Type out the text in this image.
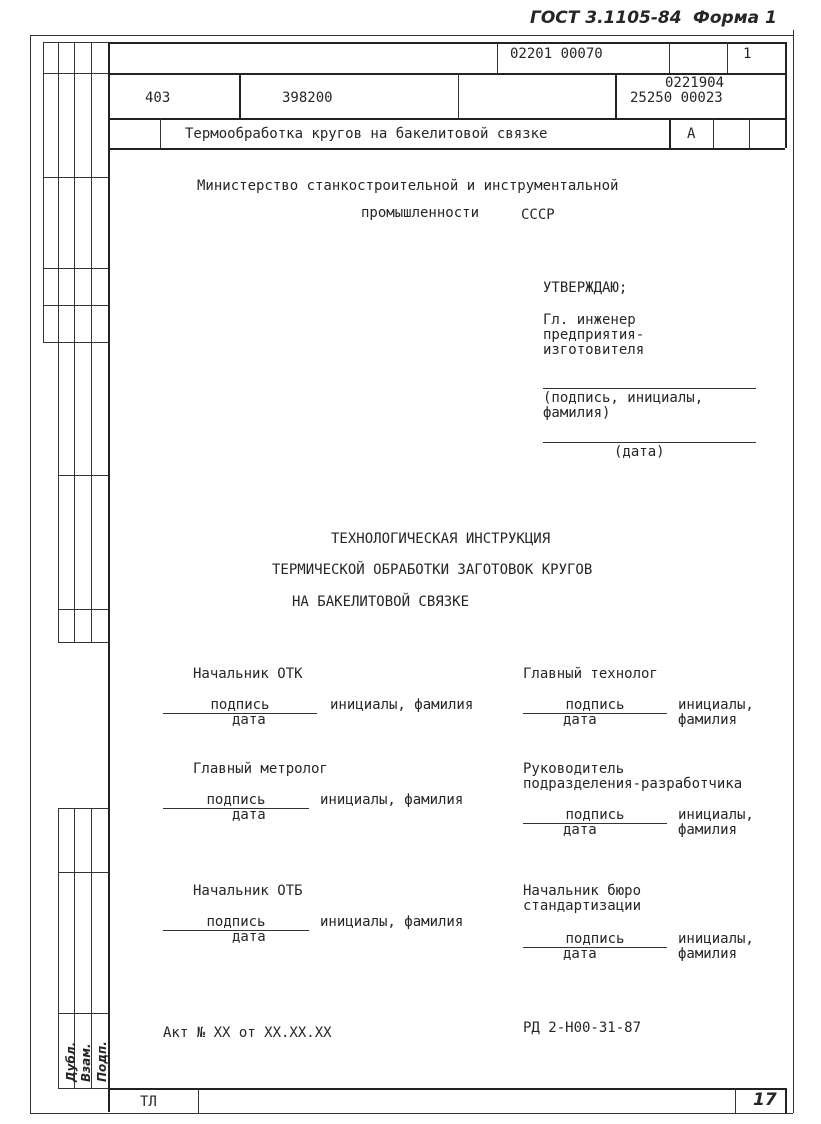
ГОСТ 3.1105-84 Форма 1
Дубл. Взам. Подп.
02201 00070	1
403	398200
0221904
25250 00023
Термообработка кругов на бакелитовой связке	А
Министерство станкостроительной и инструментальной
промышленности	СССР
УТВЕРЖДАЮ;
Гл. инженер
предприятия-
изготовителя
(подпись, инициалы,
фамилия)
(дата)
ТЕХНОЛОГИЧЕСКАЯ ИНСТРУКЦИЯ
ТЕРМИЧЕСКОЙ ОБРАБОТКИ ЗАГОТОВОК КРУГОВ
НА БАКЕЛИТОВОЙ СВЯЗКЕ
Начальник ОТК
подпись	инициалы, фамилия
дата
Главный технолог
подпись	инициалы,
дата	фамилия
Главный метролог
подпись	инициалы, фамилия
дата
Руководитель
подразделения-разработчика
подпись	инициалы,
дата	фамилия
Начальник ОТБ
подпись	инициалы, фамилия
дата
Начальник бюро
стандартизации
подпись	инициалы,
дата	фамилия
Акт № XX от XX.XX.XX	РД 2-Н00-31-87
ТЛ	17
